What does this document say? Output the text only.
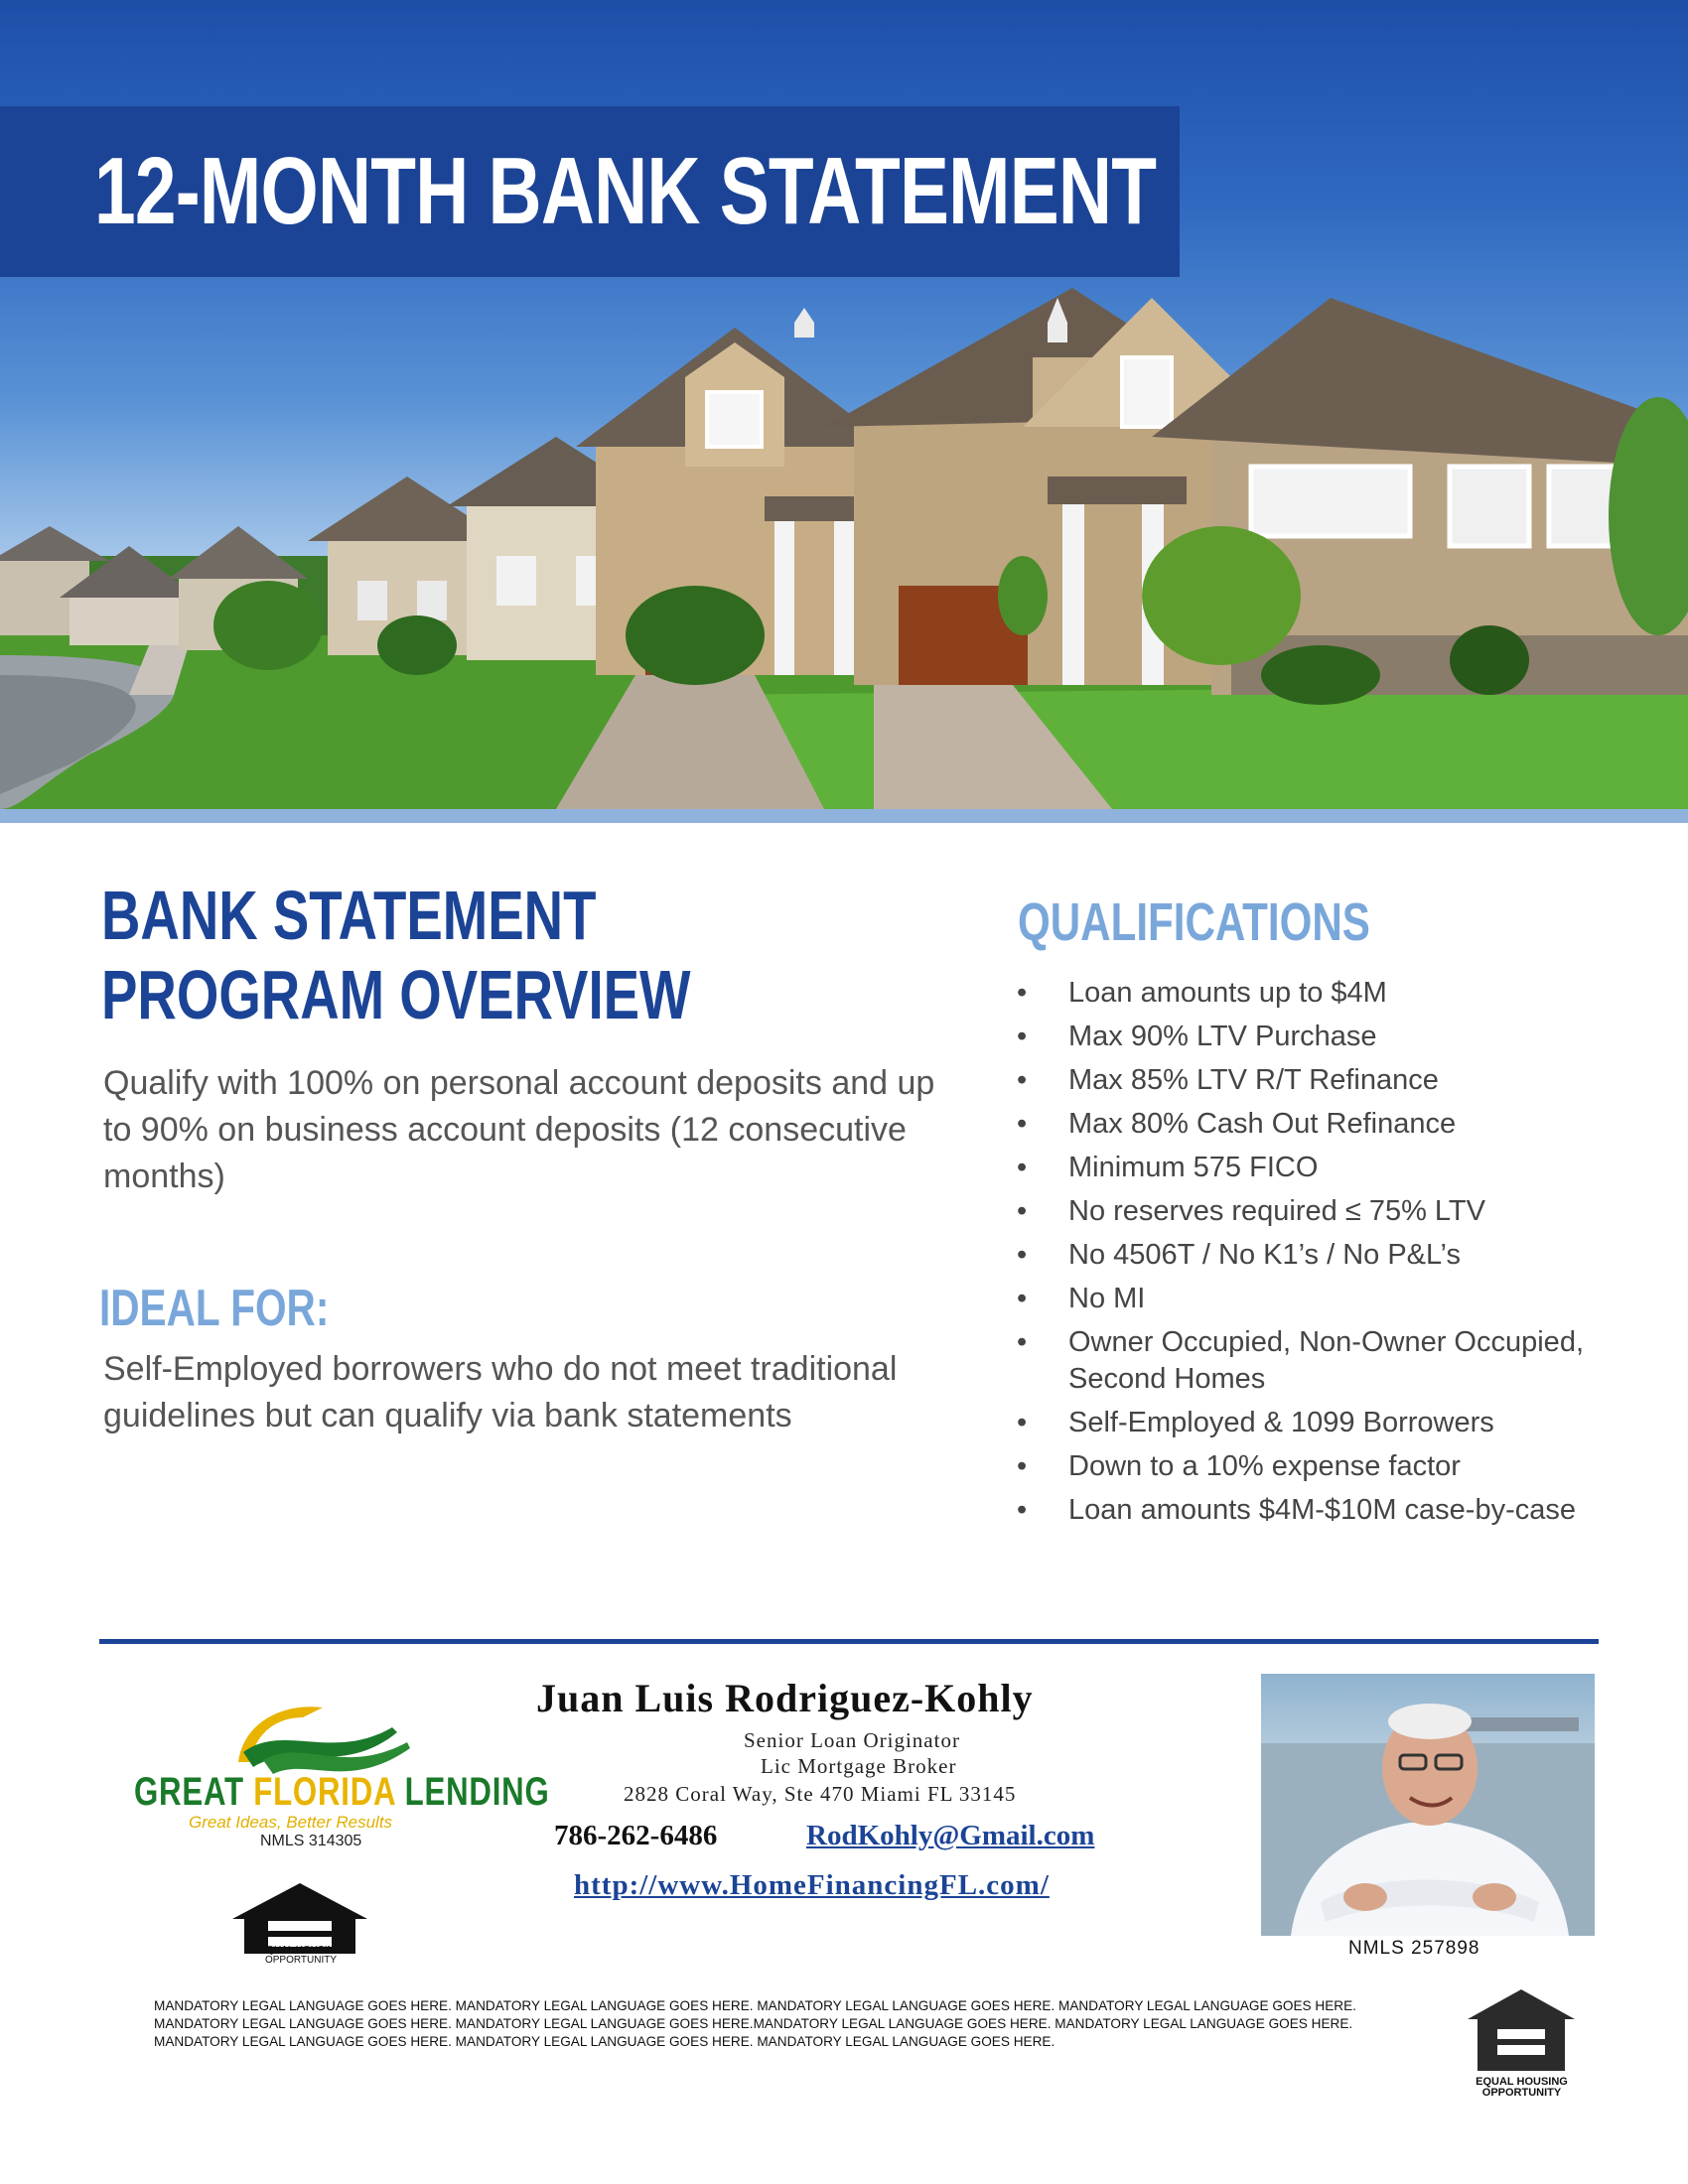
12-MONTH BANK STATEMENT
BANK STATEMENT
PROGRAM OVERVIEW

Qualify with 100% on personal account deposits and up to 90% on business account deposits (12 consecutive months)

IDEAL FOR:

Self-Employed borrowers who do not meet traditional guidelines but can qualify via bank statements

QUALIFICATIONS
• Loan amounts up to $4M
• Max 90% LTV Purchase
• Max 85% LTV R/T Refinance
• Max 80% Cash Out Refinance
• Minimum 575 FICO
• No reserves required ≤ 75% LTV
• No 4506T / No K1’s / No P&L’s
• No MI
• Owner Occupied, Non-Owner Occupied, Second Homes
• Self-Employed & 1099 Borrowers
• Down to a 10% expense factor
• Loan amounts $4M-$10M case-by-case
GREAT FLORIDA LENDING
Great Ideas, Better Results
NMLS 314305
EQUAL HOUSING OPPORTUNITY
Juan Luis Rodriguez-Kohly
Senior Loan Originator
Lic Mortgage Broker
2828 Coral Way, Ste 470 Miami FL 33145
786-262-6486	RodKohly@Gmail.com
http://www.HomeFinancingFL.com/
NMLS 257898

MANDATORY LEGAL LANGUAGE GOES HERE. MANDATORY LEGAL LANGUAGE GOES HERE. MANDATORY LEGAL LANGUAGE GOES HERE. MANDATORY LEGAL LANGUAGE GOES HERE. MANDATORY LEGAL LANGUAGE GOES HERE. MANDATORY LEGAL LANGUAGE GOES HERE.MANDATORY LEGAL LANGUAGE GOES HERE. MANDATORY LEGAL LANGUAGE GOES HERE. MANDATORY LEGAL LANGUAGE GOES HERE. MANDATORY LEGAL LANGUAGE GOES HERE. MANDATORY LEGAL LANGUAGE GOES HERE.

EQUAL HOUSING
OPPORTUNITY
